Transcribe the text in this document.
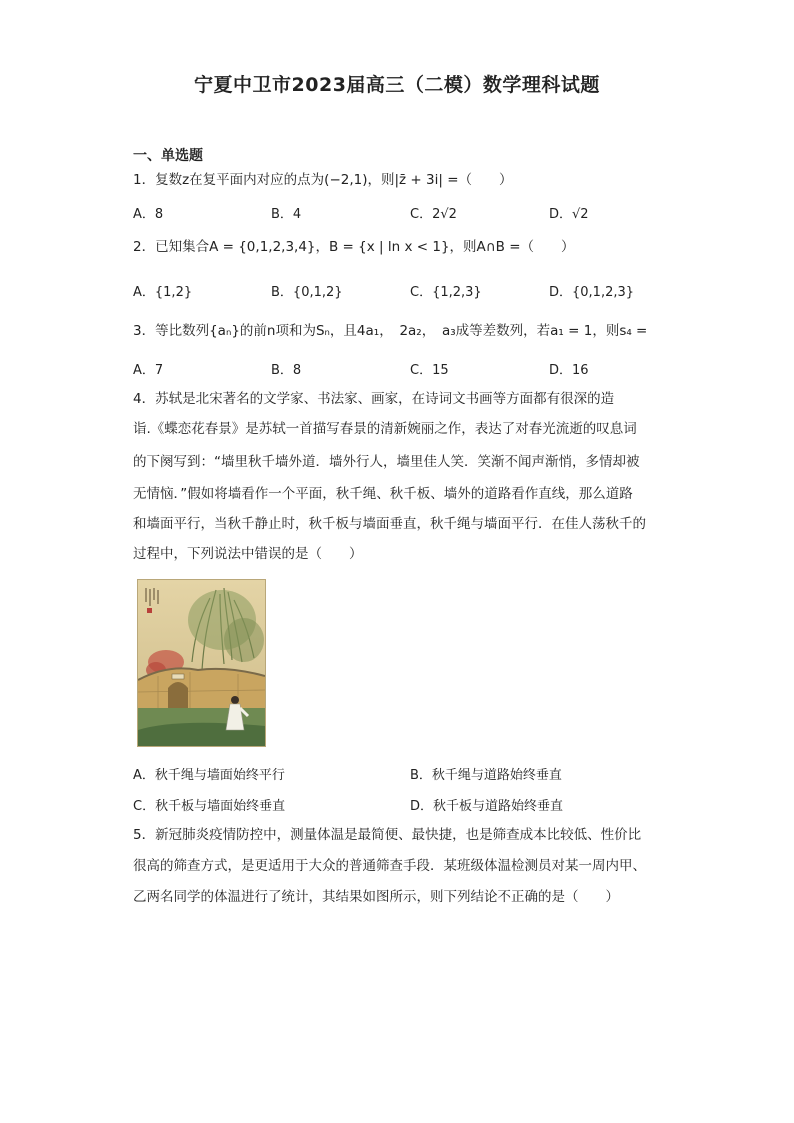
宁夏中卫市2023届高三（二模）数学理科试题
一、单选题
1．复数z在复平面内对应的点为(−2,1)，则|z̄ + 3i| =（　　）
A．8	B．4	C．2√2	D．√2
2．已知集合A = {0,1,2,3,4}，B = {x | ln x < 1}，则A∩B =（　　）
A．{1,2}	B．{0,1,2}	C．{1,2,3}	D．{0,1,2,3}
3．等比数列{aₙ}的前n项和为Sₙ，且4a₁，　2a₂，　a₃成等差数列，若a₁ = 1，则s₄ =
A．7	B．8	C．15	D．16
4．苏轼是北宋著名的文学家、书法家、画家，在诗词文书画等方面都有很深的造
诣.《蝶恋花春景》是苏轼一首描写春景的清新婉丽之作，表达了对春光流逝的叹息词
的下阕写到：“墙里秋千墙外道．墙外行人，墙里佳人笑．笑渐不闻声渐悄，多情却被
无情恼．”假如将墙看作一个平面，秋千绳、秋千板、墙外的道路看作直线，那么道路
和墙面平行，当秋千静止时，秋千板与墙面垂直，秋千绳与墙面平行．在佳人荡秋千的
过程中，下列说法中错误的是（　　）
A．秋千绳与墙面始终平行	B．秋千绳与道路始终垂直
C．秋千板与墙面始终垂直	D．秋千板与道路始终垂直
5．新冠肺炎疫情防控中，测量体温是最简便、最快捷，也是筛查成本比较低、性价比
很高的筛查方式，是更适用于大众的普通筛查手段．某班级体温检测员对某一周内甲、
乙两名同学的体温进行了统计，其结果如图所示，则下列结论不正确的是（　　）
